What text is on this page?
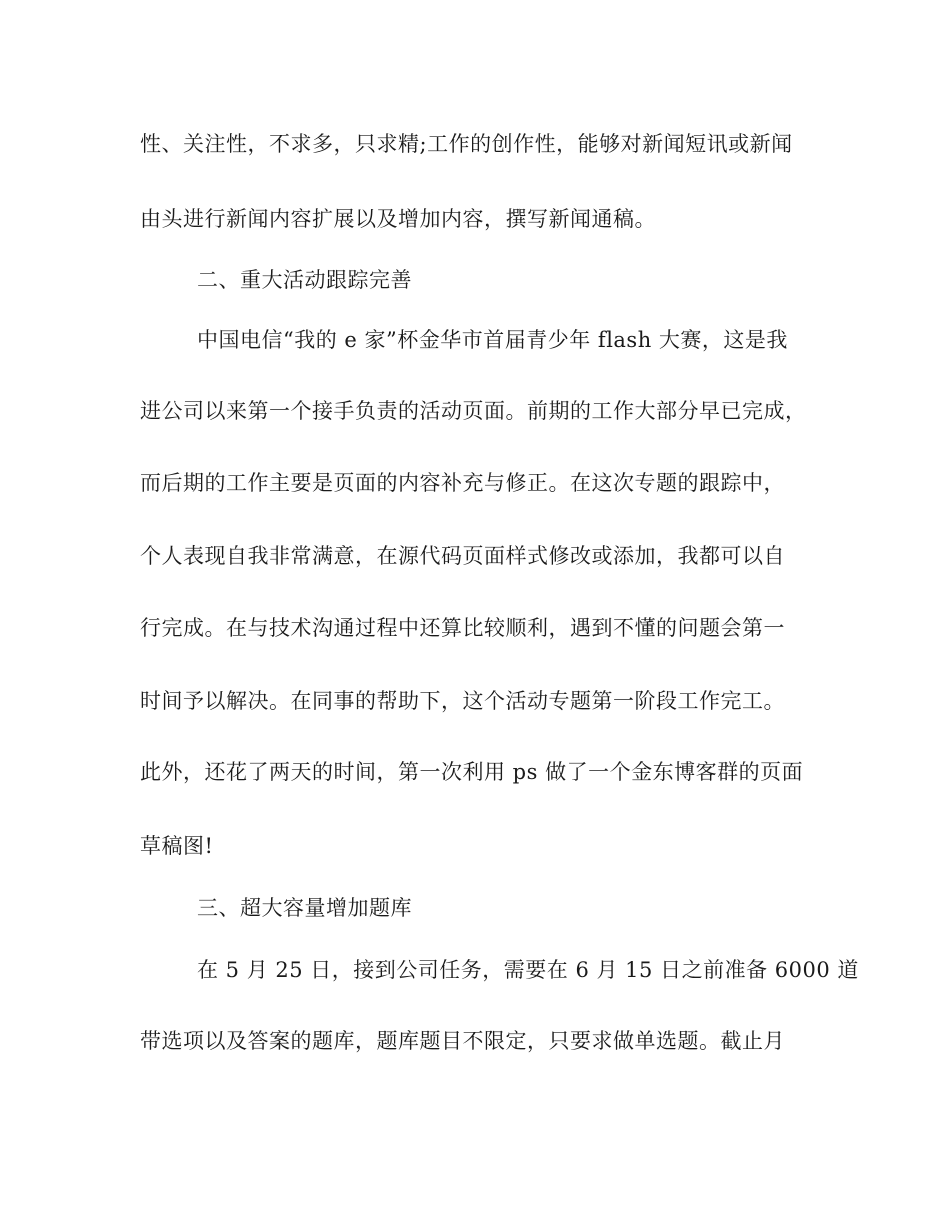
性、关注性，不求多，只求精;工作的创作性，能够对新闻短讯或新闻
由头进行新闻内容扩展以及增加内容，撰写新闻通稿。
二、重大活动跟踪完善
中国电信“我的 e 家”杯金华市首届青少年 flash 大赛，这是我
进公司以来第一个接手负责的活动页面。前期的工作大部分早已完成，
而后期的工作主要是页面的内容补充与修正。在这次专题的跟踪中，
个人表现自我非常满意，在源代码页面样式修改或添加，我都可以自
行完成。在与技术沟通过程中还算比较顺利，遇到不懂的问题会第一
时间予以解决。在同事的帮助下，这个活动专题第一阶段工作完工。
此外，还花了两天的时间，第一次利用 ps 做了一个金东博客群的页面
草稿图!
三、超大容量增加题库
在 5 月 25 日，接到公司任务，需要在 6 月 15 日之前准备 6000 道
带选项以及答案的题库，题库题目不限定，只要求做单选题。截止月
